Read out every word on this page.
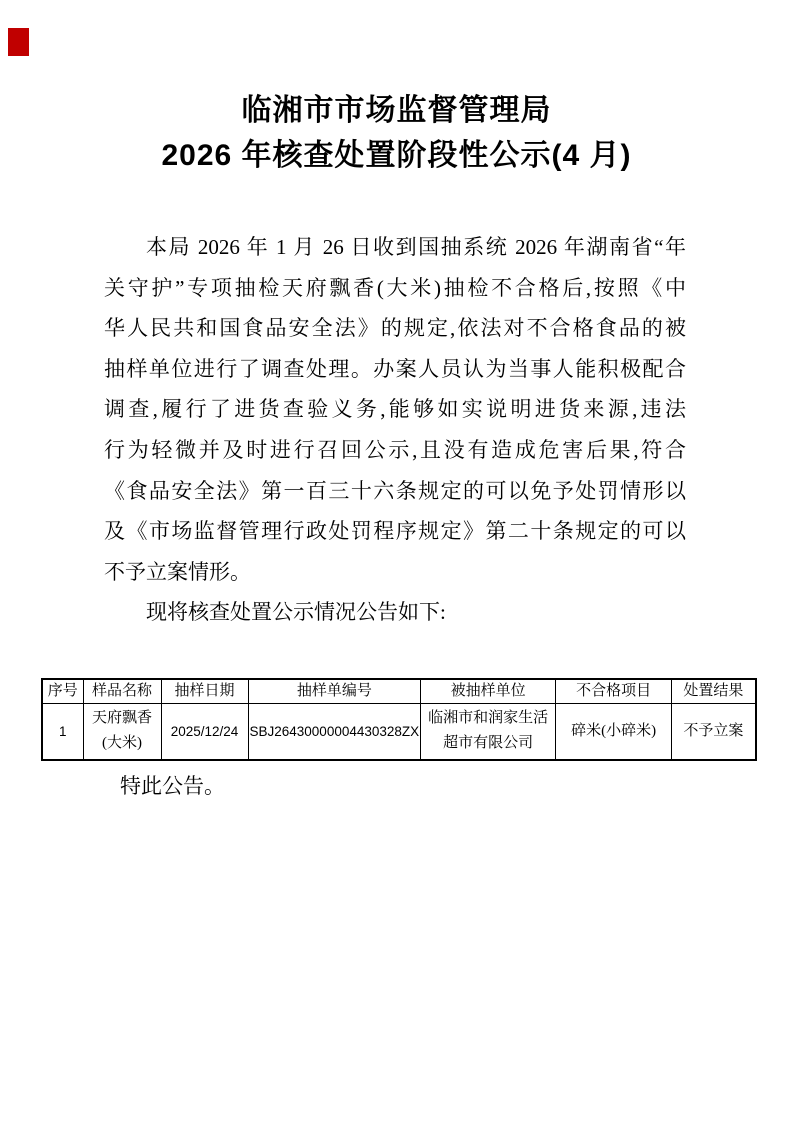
临湘市市场监督管理局
2026 年核查处置阶段性公示(4 月)
本局 2026 年 1 月 26 日收到国抽系统 2026 年湖南省“年
关守护”专项抽检天府飘香(大米)抽检不合格后,按照《中
华人民共和国食品安全法》的规定,依法对不合格食品的被
抽样单位进行了调查处理。办案人员认为当事人能积极配合
调查,履行了进货查验义务,能够如实说明进货来源,违法
行为轻微并及时进行召回公示,且没有造成危害后果,符合
《食品安全法》第一百三十六条规定的可以免予处罚情形以
及《市场监督管理行政处罚程序规定》第二十条规定的可以
不予立案情形。
现将核查处置公示情况公告如下:
序号	样品名称	抽样日期	抽样单编号	被抽样单位	不合格项目	处置结果
1	天府飘香(大米)	2025/12/24	SBJ26430000004430328ZX	临湘市和润家生活超市有限公司	碎米(小碎米)	不予立案
特此公告。
